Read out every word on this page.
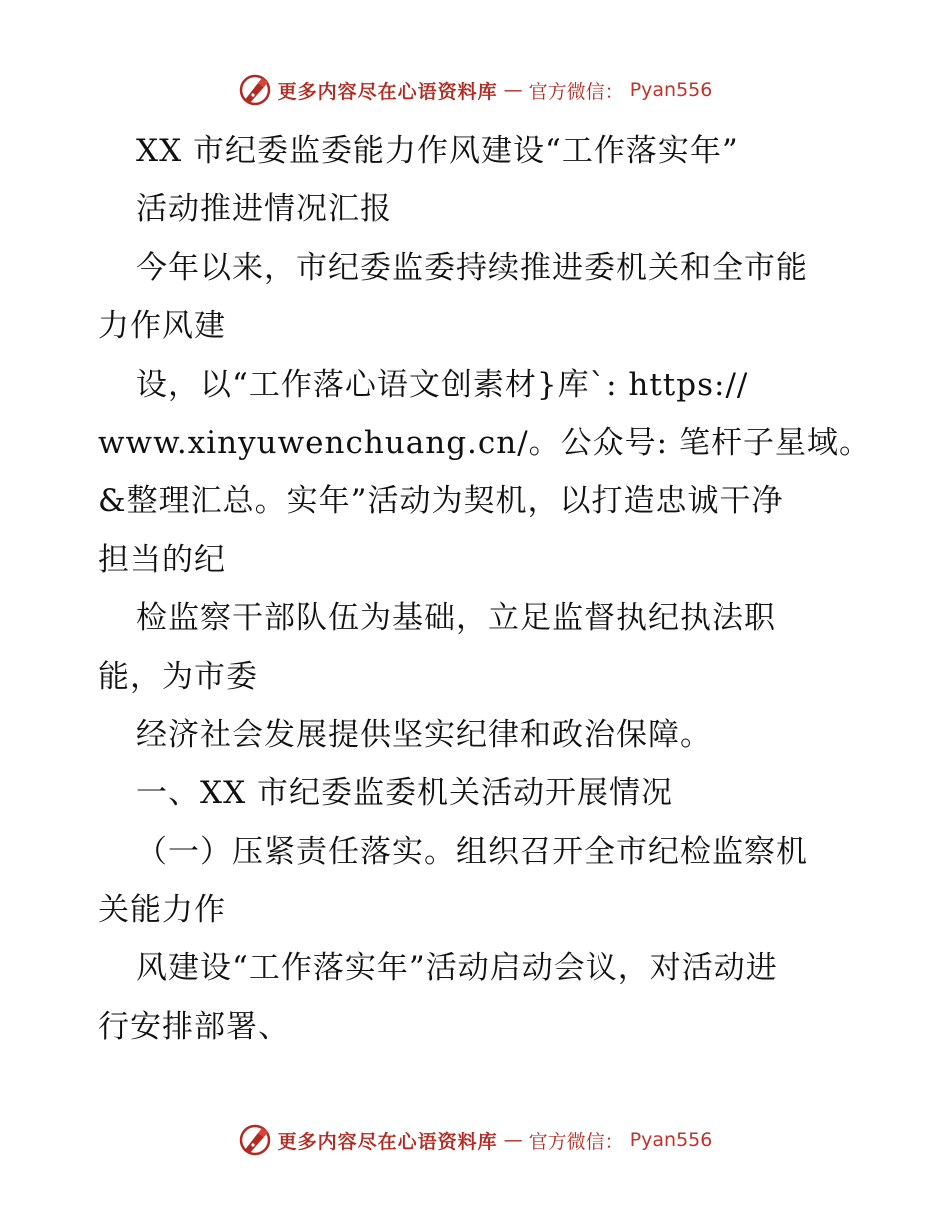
更多内容尽在心语资料库 — 官方微信： Pyan556
XX 市纪委监委能力作风建设“工作落实年”
活动推进情况汇报
今年以来，市纪委监委持续推进委机关和全市能
力作风建
设，以“工作落心语文创素材}库`: https://
www.xinyuwenchuang.cn/。公众号: 笔杆子星域。
&整理汇总。实年”活动为契机，以打造忠诚干净
担当的纪
检监察干部队伍为基础，立足监督执纪执法职
能，为市委
经济社会发展提供坚实纪律和政治保障。
一、XX 市纪委监委机关活动开展情况
（一）压紧责任落实。组织召开全市纪检监察机
关能力作
风建设“工作落实年”活动启动会议，对活动进
行安排部署、
更多内容尽在心语资料库 — 官方微信： Pyan556
